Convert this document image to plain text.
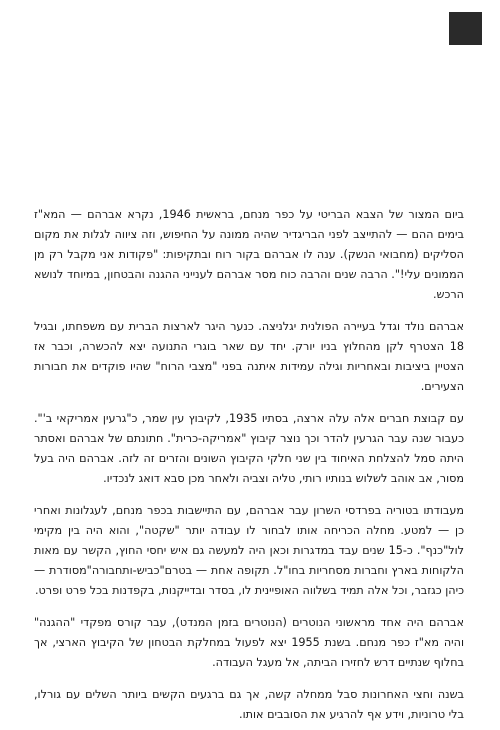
ביום המצור של הצבא הבריטי על כפר מנחם, בראשית 1946, נקרא אברהם — המא"ז בימים ההם — להתייצב לפני הבריגדיר שהיה ממונה על החיפוש, וזה ציווה לגלות את מקום הסליקים (מחבואי הנשק). ענה לו אברהם בקור רוח ובתקיפות: "פקודות אני מקבל רק מן הממונים עלי!". הרבה שנים והרבה כוח מסר אברהם לענייני ההגנה והבטחון, במיוחד לנושא הרכש.

אברהם נולד וגדל בעיירה הפולנית יגלניצה. כנער היגר לארצות הברית עם משפחתו, ובגיל 18 הצטרף לקן מהחלוץ בניו יורק. יחד עם שאר בוגרי התנועה יצא להכשרה, וכבר אז הצטיין ביציבות ובאחריות וגילה עמידות איתנה בפני "מצבי הרוח" שהיו פוקדים את חבורות הצעירים.

עם קבוצת חברים אלה עלה ארצה, בסתיו 1935, לקיבוץ עין שמר, כ"גרעין אמריקאי ב'". כעבור שנה עבר הגרעין להדר וכך נוצר קיבוץ "אמריקה-כרית". חתונתם של אברהם ואסתר היתה סמל להצלחת האיחוד בין שני חלקי הקיבוץ השונים והזרים זה לזה. אברהם היה בעל מסור, אב אוהב לשלוש בנותיו רותי, טליה וצביה ולאחר מכן סבא דואג לנכדיו.

מעבודתו בטוריה בפרדסי השרון עבר אברהם, עם התיישבות בכפר מנחם, לעגלונות ואחרי כן — למטע. מחלה הכריחה אותו לבחור לו עבודה יותר "שקטה", והוא היה בין מקימי לול"כנף". כ-15 שנים עבד במדגרות וכאן היה למעשה גם איש יחסי החוץ, הקשר עם מאות הלקוחות בארץ וחברות מסחריות בחו"ל. תקופה אחת — בטרם"כביש-ותחבורה"מסודרת — כיהן כגזבר, וכל אלה תמיד בשלווה האופיינית לו, בסדר ובדייקנות, בקפדנות בכל פרט ופרט.

אברהם היה אחד מראשוני הנוטרים (הנוטרים בזמן המנדט), עבר קורס מפקדי "ההגנה" והיה מא"ז כפר מנחם. בשנת 1955 יצא לפעול במחלקת הבטחון של הקיבוץ הארצי, אך בחלוף שנתיים דרש לחזירו הביתה, אל מעגל העבודה.

בשנה וחצי האחרונות סבל ממחלה קשה, אך גם ברגעים הקשים ביותר השלים עם גורלו, בלי טרוניות, וידע אף להרגיע את הסובבים אותו.
